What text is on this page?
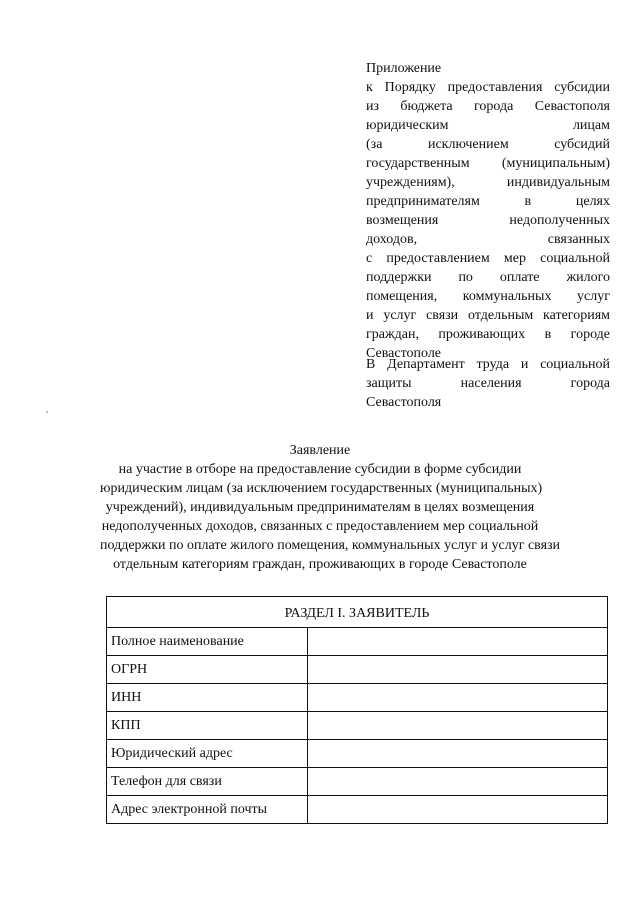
Приложение
к Порядку предоставления субсидии
из бюджета города Севастополя
юридическим лицам
(за исключением субсидий
государственным (муниципальным)
учреждениям), индивидуальным
предпринимателям в целях
возмещения недополученных
доходов, связанных
с предоставлением мер социальной
поддержки по оплате жилого
помещения, коммунальных услуг
и услуг связи отдельным категориям
граждан, проживающих в городе
Севастополе
В Департамент труда и социальной
защиты населения города
Севастополя
Заявление
на участие в отборе на предоставление субсидии в форме субсидии
юридическим лицам (за исключением государственных (муниципальных)
учреждений), индивидуальным предпринимателям в целях возмещения
недополученных доходов, связанных с предоставлением мер социальной
поддержки по оплате жилого помещения, коммунальных услуг и услуг связи
отдельным категориям граждан, проживающих в городе Севастополе
РАЗДЕЛ I. ЗАЯВИТЕЛЬ	
Полное наименование	

ОГРН	

ИНН	

КПП	

Юридический адрес	

Телефон для связи	

Адрес электронной почты	
